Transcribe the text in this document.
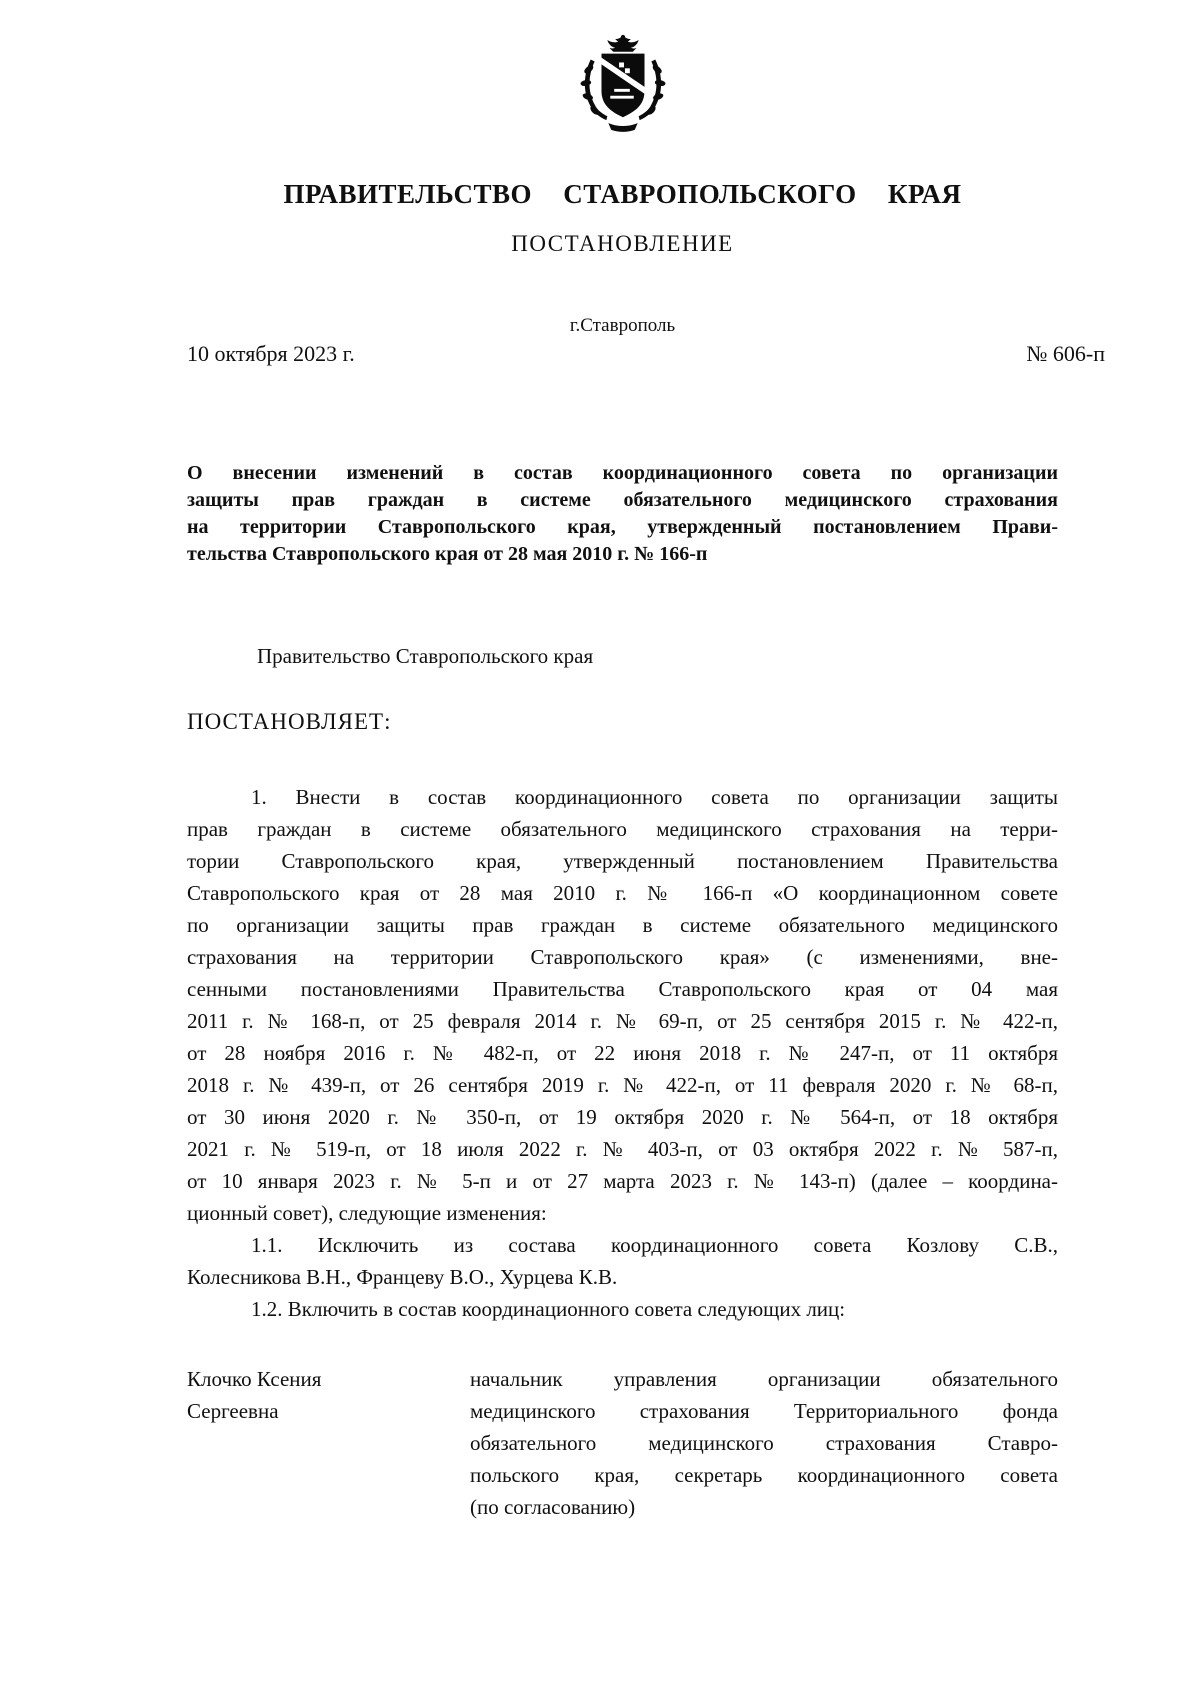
ПРАВИТЕЛЬСТВО СТАВРОПОЛЬСКОГО КРАЯ
ПОСТАНОВЛЕНИЕ
г.Ставрополь
10 октября 2023 г.	№ 606-п
О внесении изменений в состав координационного совета по организации
защиты прав граждан в системе обязательного медицинского страхования
на территории Ставропольского края, утвержденный постановлением Прави-
тельства Ставропольского края от 28 мая 2010 г. № 166-п
Правительство Ставропольского края
ПОСТАНОВЛЯЕТ:
1. Внести в состав координационного совета по организации защиты
прав граждан в системе обязательного медицинского страхования на терри-
тории Ставропольского края, утвержденный постановлением Правительства
Ставропольского края от 28 мая 2010 г. № 166-п «О координационном совете
по организации защиты прав граждан в системе обязательного медицинского
страхования на территории Ставропольского края» (с изменениями, вне-
сенными постановлениями Правительства Ставропольского края от 04 мая
2011 г. № 168-п, от 25 февраля 2014 г. № 69-п, от 25 сентября 2015 г. № 422-п,
от 28 ноября 2016 г. № 482-п, от 22 июня 2018 г. № 247-п, от 11 октября
2018 г. № 439-п, от 26 сентября 2019 г. № 422-п, от 11 февраля 2020 г. № 68-п,
от 30 июня 2020 г. № 350-п, от 19 октября 2020 г. № 564-п, от 18 октября
2021 г. № 519-п, от 18 июля 2022 г. № 403-п, от 03 октября 2022 г. № 587-п,
от 10 января 2023 г. № 5-п и от 27 марта 2023 г. № 143-п) (далее – координа-
ционный совет), следующие изменения:
1.1. Исключить из состава координационного совета Козлову С.В.,
Колесникова В.Н., Францеву В.О., Хурцева К.В.
1.2. Включить в состав координационного совета следующих лиц:
Клочко Ксения
Сергеевна
начальник управления организации обязательного
медицинского страхования Территориального фонда
обязательного медицинского страхования Ставро-
польского края, секретарь координационного совета
(по согласованию)
